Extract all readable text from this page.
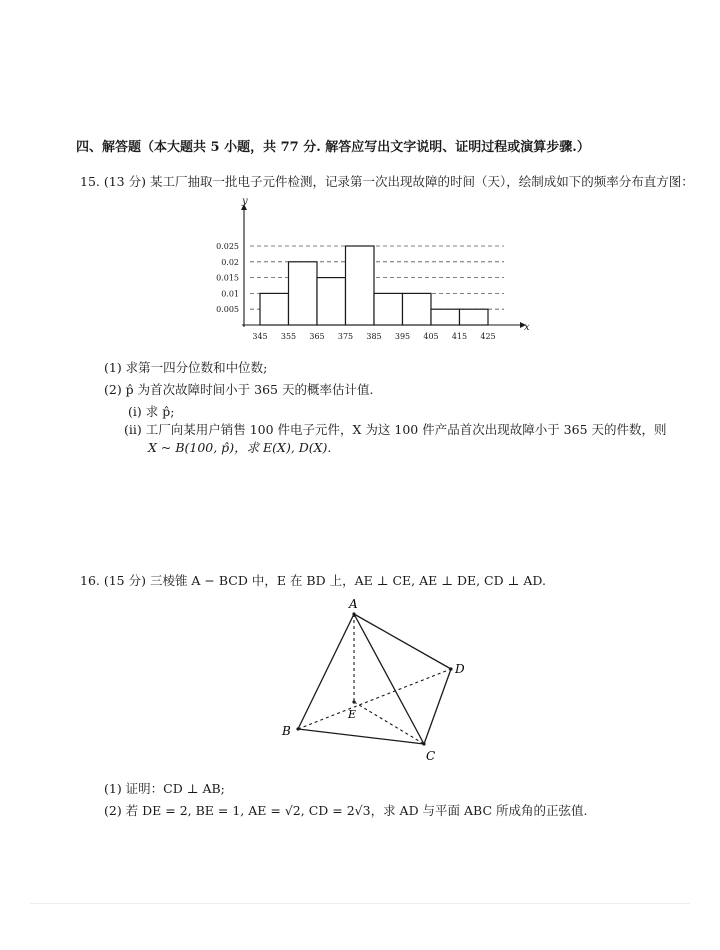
四、解答题（本大题共 5 小题，共 77 分. 解答应写出文字说明、证明过程或演算步骤.）
15. (13 分) 某工厂抽取一批电子元件检测，记录第一次出现故障的时间（天），绘制成如下的频率分布直方图：
0.005
0.01
0.015
0.02
0.025
345 355 365 375 385 395 405 415 425
x
y
(1) 求第一四分位数和中位数;
(2) p̂ 为首次故障时间小于 365 天的概率估计值.
(i) 求 p̂;
(ii) 工厂向某用户销售 100 件电子元件，X 为这 100 件产品首次出现故障小于 365 天的件数，则
X ~ B(100, p̂)，求 E(X), D(X).
16. (15 分) 三棱锥 A − BCD 中，E 在 BD 上，AE ⊥ CE, AE ⊥ DE, CD ⊥ AD.
A
B
C
D
E
(1) 证明：CD ⊥ AB;
(2) 若 DE = 2, BE = 1, AE = √2, CD = 2√3，求 AD 与平面 ABC 所成角的正弦值.
